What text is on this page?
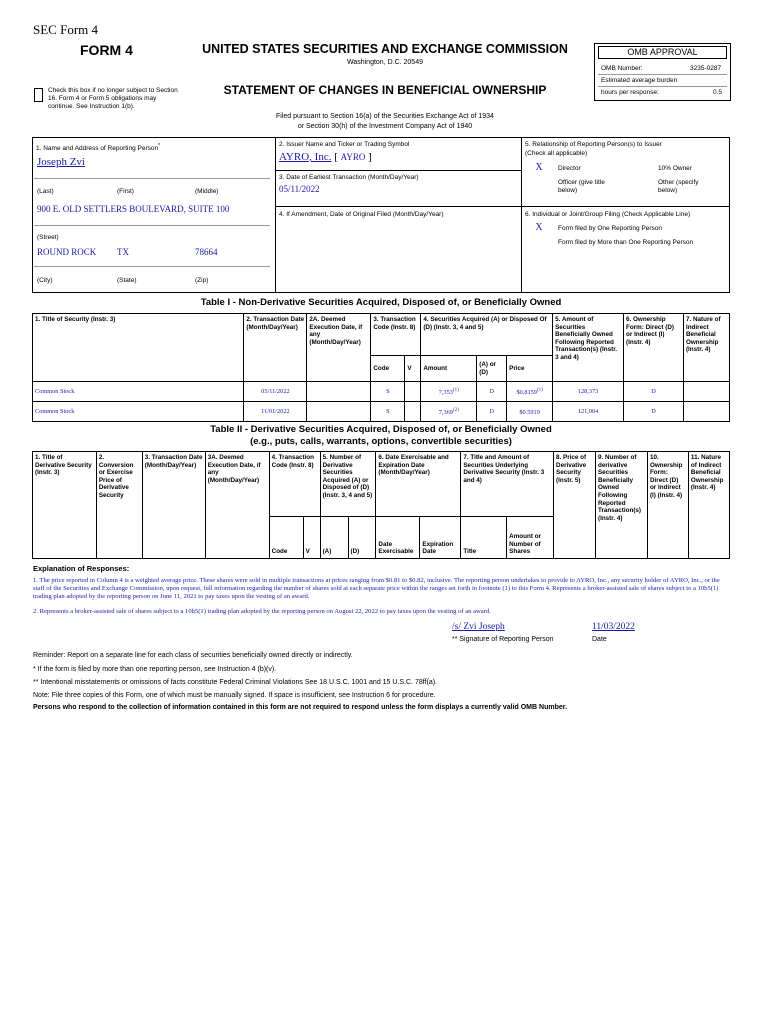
SEC Form 4
FORM 4	UNITED STATES SECURITIES AND EXCHANGE COMMISSION
Washington, D.C. 20549
STATEMENT OF CHANGES IN BENEFICIAL OWNERSHIP
Filed pursuant to Section 16(a) of the Securities Exchange Act of 1934
or Section 30(h) of the Investment Company Act of 1940
Check this box if no longer subject to Section 16. Form 4 or Form 5 obligations may continue. See Instruction 1(b).
OMB APPROVAL
OMB Number:	3235-0287
Estimated average burden
hours per response:	0.5
1. Name and Address of Reporting Person*
Joseph Zvi
(Last)	(First)	(Middle)
900 E. OLD SETTLERS BOULEVARD, SUITE 100
(Street)
ROUND ROCK TX	78664
(City)	(State)	(Zip)
2. Issuer Name and Ticker or Trading Symbol
AYRO, Inc. [ AYRO ]
3. Date of Earliest Transaction (Month/Day/Year)
05/11/2022
4. If Amendment, Date of Original Filed (Month/Day/Year)
5. Relationship of Reporting Person(s) to Issuer
(Check all applicable)
X	Director	10% Owner
Officer (give title below)
Other (specify below)
6. Individual or Joint/Group Filing (Check Applicable Line)
X	Form filed by One Reporting Person
Form filed by More than One Reporting Person
Table I - Non-Derivative Securities Acquired, Disposed of, or Beneficially Owned
1. Title of Security (Instr. 3)	2. Transaction Date (Month/Day/Year)	2A. Deemed Execution Date, if any (Month/Day/Year)	3. Transaction Code (Instr. 8)		4. Securities Acquired (A) or Disposed Of (D) (Instr. 3, 4 and 5)			5. Amount of Securities Beneficially Owned Following Reported Transaction(s) (Instr. 3 and 4)	6. Ownership Form: Direct (D) or Indirect (I) (Instr. 4)	7. Nature of Indirect Beneficial Ownership (Instr. 4)
			Code	V	Amount	(A) or (D)	Price			
Common Stock	05/11/2022		S		7,353$^{(1)}$	D	$0.8159$^{(1)}$	128,373	D	
Common Stock	11/01/2022		S		7,369$^{(2)}$	D	$0.5919	121,004	D	
Table II - Derivative Securities Acquired, Disposed of, or Beneficially Owned
(e.g., puts, calls, warrants, options, convertible securities)
1. Title of Derivative Security (Instr. 3)	2. Conversion or Exercise Price of Derivative Security	3. Transaction Date (Month/Day/Year)	3A. Deemed Execution Date, if any (Month/Day/Year)	4. Transaction Code (Instr. 8)		5. Number of Derivative Securities Acquired (A) or Disposed of (D) (Instr. 3, 4 and 5)		6. Date Exercisable and Expiration Date (Month/Day/Year)		7. Title and Amount of Securities Underlying Derivative Security (Instr. 3 and 4)		8. Price of Derivative Security (Instr. 5)	9. Number of derivative Securities Beneficially Owned Following Reported Transaction(s) (Instr. 4)	10. Ownership Form: Direct (D) or Indirect (I) (Instr. 4)	11. Nature of Indirect Beneficial Ownership (Instr. 4)
				Code	V	(A)	(D)	Date Exercisable	Expiration Date	Title	Amount or Number of Shares				
Explanation of Responses:
1. The price reported in Column 4 is a weighted average price. These shares were sold in multiple transactions at prices ranging from $0.81 to $0.82, inclusive. The reporting person undertakes to provide to AYRO, Inc., any security holder of AYRO, Inc., or the staff of the Securities and Exchange Commission, upon request, full information regarding the number of shares sold at each separate price within the ranges set forth in footnote (1) to this Form 4. Represents a broker-assisted sale of shares subject to a 10b5(1) trading plan adopted by the reporting person on June 11, 2021 to pay taxes upon the vesting of an award.
2. Represents a broker-assisted sale of shares subject to a 10b5(1) trading plan adopted by the reporting person on August 22, 2022 to pay taxes upon the vesting of an award.
/s/ Zvi Joseph	11/03/2022
** Signature of Reporting Person	Date
Reminder: Report on a separate line for each class of securities beneficially owned directly or indirectly.
* If the form is filed by more than one reporting person, see Instruction 4 (b)(v).
** Intentional misstatements or omissions of facts constitute Federal Criminal Violations See 18 U.S.C. 1001 and 15 U.S.C. 78ff(a).
Note: File three copies of this Form, one of which must be manually signed. If space is insufficient, see Instruction 6 for procedure.
Persons who respond to the collection of information contained in this form are not required to respond unless the form displays a currently valid OMB Number.
